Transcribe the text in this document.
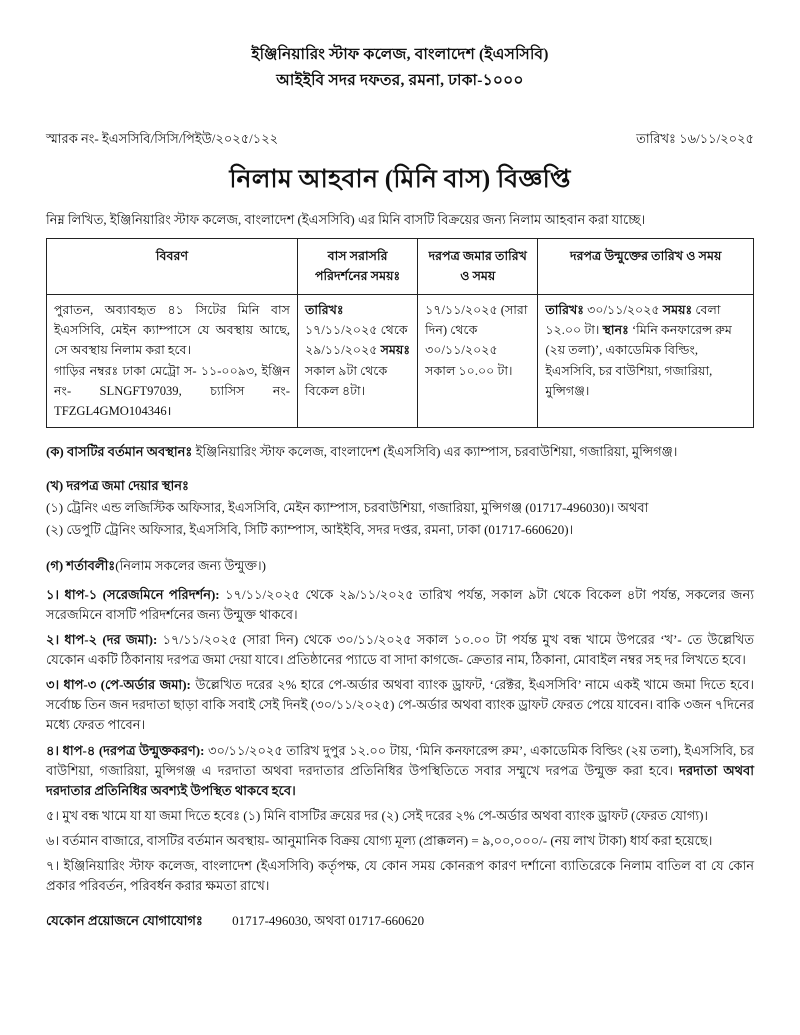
ইঞ্জিনিয়ারিং স্টাফ কলেজ, বাংলাদেশ (ইএসসিবি)
আইইবি সদর দফতর, রমনা, ঢাকা-১০০০
স্মারক নং- ইএসসিবি/সিসি/পিইউ/২০২৫/১২২	তারিখঃ ১৬/১১/২০২৫
নিলাম আহবান (মিনি বাস) বিজ্ঞপ্তি
নিম্ন লিখিত, ইঞ্জিনিয়ারিং স্টাফ কলেজ, বাংলাদেশ (ইএসসিবি) এর মিনি বাসটি বিক্রয়ের জন্য নিলাম আহবান করা যাচ্ছে।
বিবরণ	বাস সরাসরি পরিদর্শনের সময়ঃ	দরপত্র জমার তারিখ ও সময়	দরপত্র উন্মুক্তের তারিখ ও সময়

পুরাতন, অব্যাবহৃত ৪১ সিটের মিনি বাস ইএসসিবি, মেইন ক্যাম্পাসে যে অবস্থায় আছে, সে অবস্থায় নিলাম করা হবে।
গাড়ির নম্বরঃ ঢাকা মেট্রো স- ১১-০০৯৩, ইঞ্জিন নং- SLNGFT97039, চ্যাসিস নং- TFZGL4GMO104346।	তারিখঃ ১৭/১১/২০২৫ থেকে ২৯/১১/২০২৫ সময়ঃ সকাল ৯টা থেকে বিকেল ৪টা।	১৭/১১/২০২৫ (সারা দিন) থেকে ৩০/১১/২০২৫ সকাল ১০.০০ টা।	তারিখঃ ৩০/১১/২০২৫ সময়ঃ বেলা ১২.০০ টা। স্থানঃ ‘মিনি কনফারেন্স রুম (২য় তলা)’, একাডেমিক বিল্ডিং, ইএসসিবি, চর বাউশিয়া, গজারিয়া, মুন্সিগঞ্জ।

(ক) বাসটির বর্তমান অবস্থানঃ ইঞ্জিনিয়ারিং স্টাফ কলেজ, বাংলাদেশ (ইএসসিবি) এর ক্যাম্পাস, চরবাউশিয়া, গজারিয়া, মুন্সিগঞ্জ।

(খ) দরপত্র জমা দেয়ার স্থানঃ

(১) ট্রেনিং এন্ড লজিস্টিক অফিসার, ইএসসিবি, মেইন ক্যাম্পাস, চরবাউশিয়া, গজারিয়া, মুন্সিগঞ্জ (01717-496030)। অথবা

(২) ডেপুটি ট্রেনিং অফিসার, ইএসসিবি, সিটি ক্যাম্পাস, আইইবি, সদর দপ্তর, রমনা, ঢাকা (01717-660620)।

(গ) শর্তাবলীঃ(নিলাম সকলের জন্য উন্মুক্ত।)

১। ধাপ-১ (সরেজমিনে পরিদর্শন): ১৭/১১/২০২৫ থেকে ২৯/১১/২০২৫ তারিখ পর্যন্ত, সকাল ৯টা থেকে বিকেল ৪টা পর্যন্ত, সকলের জন্য সরেজমিনে বাসটি পরিদর্শনের জন্য উন্মুক্ত থাকবে।

২। ধাপ-২ (দর জমা): ১৭/১১/২০২৫ (সারা দিন) থেকে ৩০/১১/২০২৫ সকাল ১০.০০ টা পর্যন্ত মুখ বন্ধ খামে উপরের ‘খ’- তে উল্লেখিত যেকোন একটি ঠিকানায় দরপত্র জমা দেয়া যাবে। প্রতিষ্ঠানের প্যাডে বা সাদা কাগজে- ক্রেতার নাম, ঠিকানা, মোবাইল নম্বর সহ দর লিখতে হবে।

৩। ধাপ-৩ (পে-অর্ডার জমা): উল্লেখিত দরের ২% হারে পে-অর্ডার অথবা ব্যাংক ড্রাফট, ‘রেক্টর, ইএসসিবি’ নামে একই খামে জমা দিতে হবে। সর্বোচ্চ তিন জন দরদাতা ছাড়া বাকি সবাই সেই দিনই (৩০/১১/২০২৫) পে-অর্ডার অথবা ব্যাংক ড্রাফট ফেরত পেয়ে যাবেন। বাকি ৩জন ৭দিনের মধ্যে ফেরত পাবেন।

৪। ধাপ-৪ (দরপত্র উন্মুক্তকরণ): ৩০/১১/২০২৫ তারিখ দুপুর ১২.০০ টায়, ‘মিনি কনফারেন্স রুম’, একাডেমিক বিল্ডিং (২য় তলা), ইএসসিবি, চর বাউশিয়া, গজারিয়া, মুন্সিগঞ্জ এ দরদাতা অথবা দরদাতার প্রতিনিধির উপস্থিতিতে সবার সম্মুখে দরপত্র উন্মুক্ত করা হবে। দরদাতা অথবা দরদাতার প্রতিনিধির অবশ্যই উপস্থিত থাকবে হবে।

৫। মুখ বন্ধ খামে যা যা জমা দিতে হবেঃ (১) মিনি বাসটির ক্রয়ের দর (২) সেই দরের ২% পে-অর্ডার অথবা ব্যাংক ড্রাফট (ফেরত যোগ্য)।

৬। বর্তমান বাজারে, বাসটির বর্তমান অবস্থায়- আনুমানিক বিক্রয় যোগ্য মূল্য (প্রাক্কলন) = ৯,০০,০০০/- (নয় লাখ টাকা) ধার্য করা হয়েছে।

৭। ইঞ্জিনিয়ারিং স্টাফ কলেজ, বাংলাদেশ (ইএসসিবি) কর্তৃপক্ষ, যে কোন সময় কোনরূপ কারণ দর্শানো ব্যাতিরেকে নিলাম বাতিল বা যে কোন প্রকার পরিবর্তন, পরিবর্ধন করার ক্ষমতা রাখে।

যেকোন প্রয়োজনে যোগাযোগঃ 01717-496030, অথবা 01717-660620
